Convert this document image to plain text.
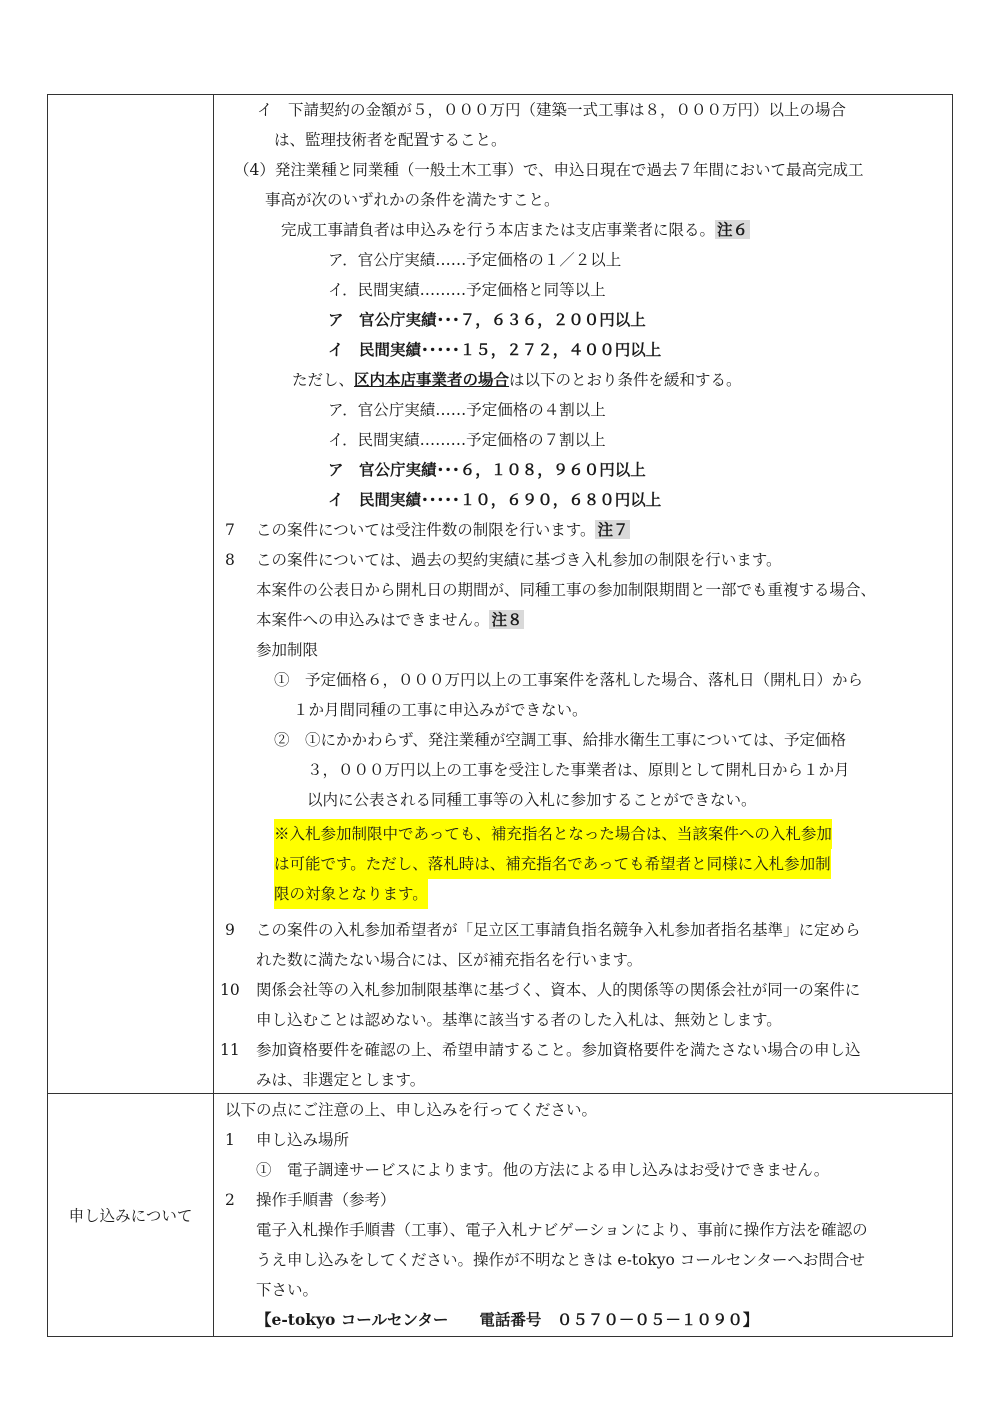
イ　下請契約の金額が５，０００万円（建築一式工事は８，０００万円）以上の場合
は、監理技術者を配置すること。
（4）発注業種と同業種（一般土木工事）で、申込日現在で過去７年間において最高完成工
事高が次のいずれかの条件を満たすこと。
完成工事請負者は申込みを行う本店または支店事業者に限る。 注６
ア．官公庁実績……予定価格の１／２以上
イ．民間実績………予定価格と同等以上
ア　官公庁実績･･･７，６３６，２００円以上
イ　民間実績･････１５，２７２，４００円以上
ただし、区内本店事業者の場合は以下のとおり条件を緩和する。
ア．官公庁実績……予定価格の４割以上
イ．民間実績………予定価格の７割以上
ア　官公庁実績･･･６，１０８，９６０円以上
イ　民間実績･････１０，６９０，６８０円以上
7 この案件については受注件数の制限を行います。 注７
8 この案件については、過去の契約実績に基づき入札参加の制限を行います。
本案件の公表日から開札日の期間が、同種工事の参加制限期間と一部でも重複する場合、
本案件への申込みはできません。 注８
参加制限
①　予定価格６，０００万円以上の工事案件を落札した場合、落札日（開札日）から
１か月間同種の工事に申込みができない。
②　①にかかわらず、発注業種が空調工事、給排水衛生工事については、予定価格
３，０００万円以上の工事を受注した事業者は、原則として開札日から１か月
以内に公表される同種工事等の入札に参加することができない。
※入札参加制限中であっても、補充指名となった場合は、当該案件への入札参加
は可能です。ただし、落札時は、補充指名であっても希望者と同様に入札参加制
限の対象となります。
9 この案件の入札参加希望者が「足立区工事請負指名競争入札参加者指名基準」に定めら
れた数に満たない場合には、区が補充指名を行います。
10 関係会社等の入札参加制限基準に基づく、資本、人的関係等の関係会社が同一の案件に
申し込むことは認めない。基準に該当する者のした入札は、無効とします。
11 参加資格要件を確認の上、希望申請すること。参加資格要件を満たさない場合の申し込
みは、非選定とします。
申し込みについて
以下の点にご注意の上、申し込みを行ってください。
1 申し込み場所
①　電子調達サービスによります。他の方法による申し込みはお受けできません。
2 操作手順書（参考）
電子入札操作手順書（工事）、電子入札ナビゲーションにより、事前に操作方法を確認の
うえ申し込みをしてください。操作が不明なときは e-tokyo コールセンターへお問合せ
下さい。
【e-tokyo コールセンター　　電話番号　０５７０－０５－１０９０】
